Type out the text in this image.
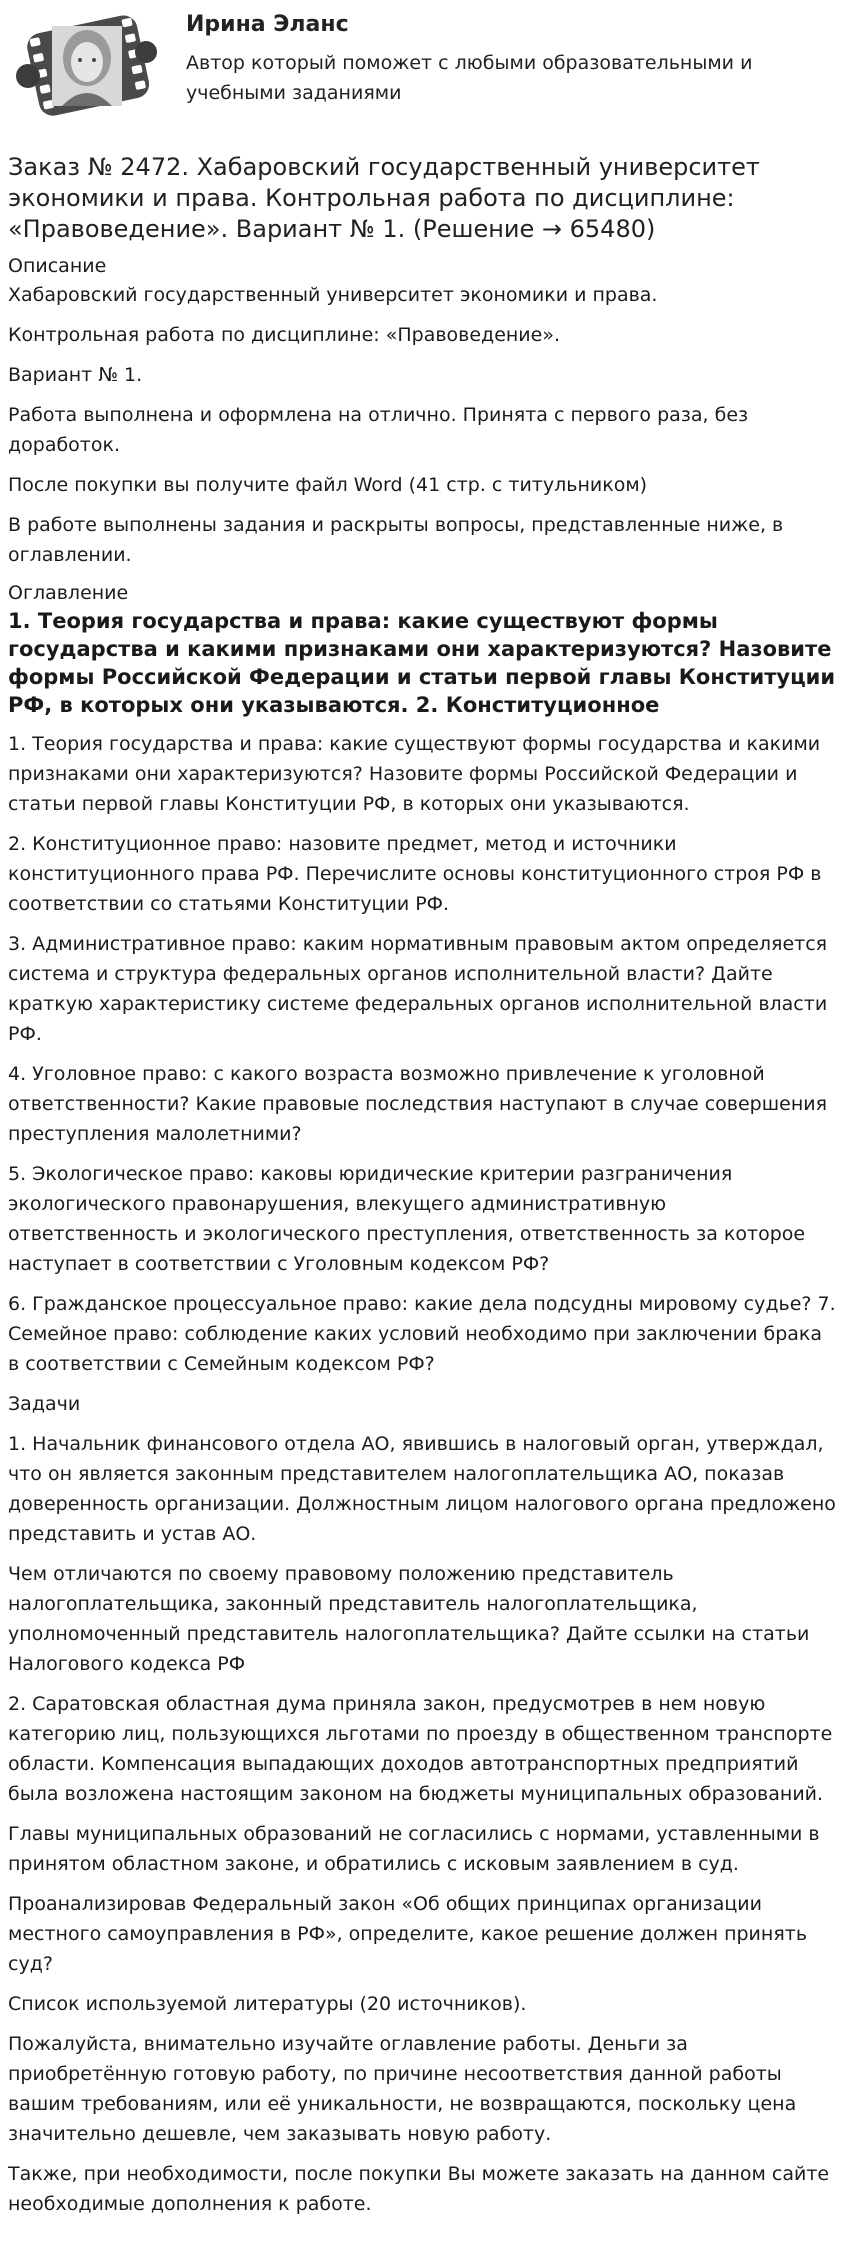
Ирина Эланс
Автор который поможет с любыми образовательными и учебными заданиями
Заказ № 2472. Хабаровский государственный университет экономики и права. Контрольная работа по дисциплине: «Правоведение». Вариант № 1. (Решение → 65480)
Описание

Хабаровский государственный университет экономики и права.

Контрольная работа по дисциплине: «Правоведение».

Вариант № 1.

Работа выполнена и оформлена на отлично. Принята с первого раза, без доработок.

После покупки вы получите файл Word (41 стр. с титульником)

В работе выполнены задания и раскрыты вопросы, представленные ниже, в оглавлении.

Оглавление
1. Теория государства и права: какие существуют формы государства и какими признаками они характеризуются? Назовите формы Российской Федерации и статьи первой главы Конституции РФ, в которых они указываются. 2. Конституционное

1. Теория государства и права: какие существуют формы государства и какими признаками они характеризуются? Назовите формы Российской Федерации и статьи первой главы Конституции РФ, в которых они указываются.

2. Конституционное право: назовите предмет, метод и источники конституционного права РФ. Перечислите основы конституционного строя РФ в соответствии со статьями Конституции РФ.

3. Административное право: каким нормативным правовым актом определяется система и структура федеральных органов исполнительной власти? Дайте краткую характеристику системе федеральных органов исполнительной власти РФ.

4. Уголовное право: с какого возраста возможно привлечение к уголовной ответственности? Какие правовые последствия наступают в случае совершения преступления малолетними?

5. Экологическое право: каковы юридические критерии разграничения экологического правонарушения, влекущего административную ответственность и экологического преступления, ответственность за которое наступает в соответствии с Уголовным кодексом РФ?

6. Гражданское процессуальное право: какие дела подсудны мировому судье? 7. Семейное право: соблюдение каких условий необходимо при заключении брака в соответствии с Семейным кодексом РФ?

Задачи

1. Начальник финансового отдела АО, явившись в налоговый орган, утверждал, что он является законным представителем налогоплательщика АО, показав доверенность организации. Должностным лицом налогового органа предложено представить и устав АО.

Чем отличаются по своему правовому положению представитель налогоплательщика, законный представитель налогоплательщика, уполномоченный представитель налогоплательщика? Дайте ссылки на статьи Налогового кодекса РФ

2. Саратовская областная дума приняла закон, предусмотрев в нем новую категорию лиц, пользующихся льготами по проезду в общественном транспорте области. Компенсация выпадающих доходов автотранспортных предприятий была возложена настоящим законом на бюджеты муниципальных образований.

Главы муниципальных образований не согласились с нормами, уставленными в принятом областном законе, и обратились с исковым заявлением в суд.

Проанализировав Федеральный закон «Об общих принципах организации местного самоуправления в РФ», определите, какое решение должен принять суд?

Список используемой литературы (20 источников).

Пожалуйста, внимательно изучайте оглавление работы. Деньги за приобретённую готовую работу, по причине несоответствия данной работы вашим требованиям, или её уникальности, не возвращаются, поскольку цена значительно дешевле, чем заказывать новую работу.

Также, при необходимости, после покупки Вы можете заказать на данном сайте необходимые дополнения к работе.
